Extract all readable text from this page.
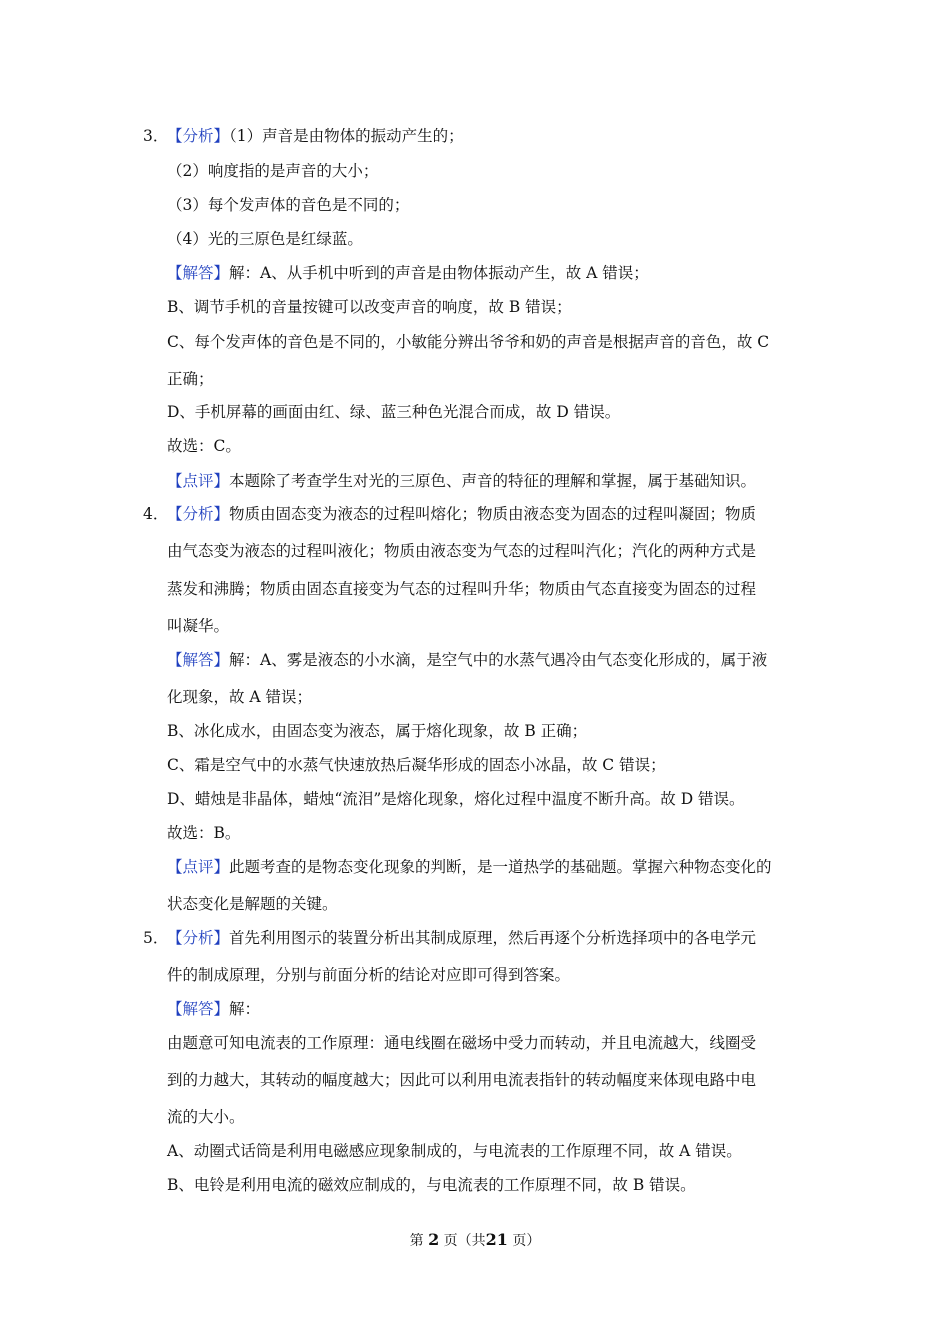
3．
【分析】（1）声音是由物体的振动产生的；
（2）响度指的是声音的大小；
（3）每个发声体的音色是不同的；
（4）光的三原色是红绿蓝。
【解答】解：A、从手机中听到的声音是由物体振动产生，故 A 错误；
B、调节手机的音量按键可以改变声音的响度，故 B 错误；
C、每个发声体的音色是不同的，小敏能分辨出爷爷和奶的声音是根据声音的音色，故 C
正确；
D、手机屏幕的画面由红、绿、蓝三种色光混合而成，故 D 错误。
故选：C。
【点评】本题除了考查学生对光的三原色、声音的特征的理解和掌握，属于基础知识。
4．
【分析】物质由固态变为液态的过程叫熔化；物质由液态变为固态的过程叫凝固；物质
由气态变为液态的过程叫液化；物质由液态变为气态的过程叫汽化；汽化的两种方式是
蒸发和沸腾；物质由固态直接变为气态的过程叫升华；物质由气态直接变为固态的过程
叫凝华。
【解答】解：A、雾是液态的小水滴，是空气中的水蒸气遇冷由气态变化形成的，属于液
化现象，故 A 错误；
B、冰化成水，由固态变为液态，属于熔化现象，故 B 正确；
C、霜是空气中的水蒸气快速放热后凝华形成的固态小冰晶，故 C 错误；
D、蜡烛是非晶体，蜡烛“流泪”是熔化现象，熔化过程中温度不断升高。故 D 错误。
故选：B。
【点评】此题考查的是物态变化现象的判断，是一道热学的基础题。掌握六种物态变化的
状态变化是解题的关键。
5．
【分析】首先利用图示的装置分析出其制成原理，然后再逐个分析选择项中的各电学元
件的制成原理，分别与前面分析的结论对应即可得到答案。
【解答】解：
由题意可知电流表的工作原理：通电线圈在磁场中受力而转动，并且电流越大，线圈受
到的力越大，其转动的幅度越大；因此可以利用电流表指针的转动幅度来体现电路中电
流的大小。
A、动圈式话筒是利用电磁感应现象制成的，与电流表的工作原理不同，故 A 错误。
B、电铃是利用电流的磁效应制成的，与电流表的工作原理不同，故 B 错误。
第 2 页（共21 页）
